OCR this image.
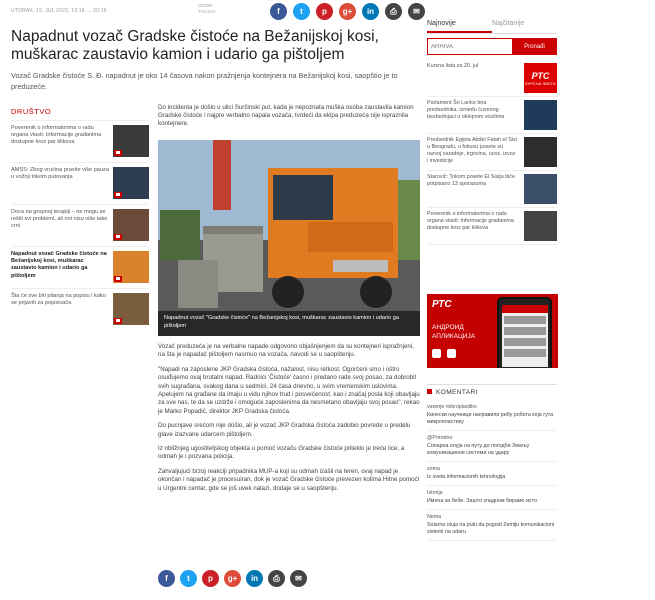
UTORAK, 19. JUL 2022, 19:16 → 20:15
IZVOR:
TANJUG	f	t p g+ in ⎙ ✉
Najnovije	Najčitanije
ARHIVA
Pronađi
Napadnut vozač Gradske čistoće na Bežanijskoj kosi, muškarac zaustavio kamion i udario ga pištoljem
Vozač Gradske čistoće S. Đ. napadnut je oko 14 časova nakon pražnjenja kontejnera na Bežanijskoj kosi, saopštio je to preduzeće.
DRUŠTVO
Poverenik o informatorima o radu organa vlasti: Informacije građanima dostupne kroz par klikova
AMSS: Zbog vrućina pravite više pauza u vožnji tokom putovanja
Doca na grupnoj terapiji – ne mogu se rešiti svi problemi, ali oni nisu više tako crni
Napadnut vozač Gradske čistoće na Bežanijskoj kosi, muškarac zaustavio kamion i udario ga pištoljem
Šta će sve biti pitanja na popisu i kako se prijaviti za popisivača
Do incidenta je došlo u ulici Surčinski put, kada je nepoznata muška osoba zaustavila kamion Gradske čistoće i najpre verbalno napala vozača, tvrdeći da ekipa preduzeća nije ispraznila kontejnere.
Napadnut vozač "Gradske čistoće" na Bežanijskoj kosi, muškarac zaustavio kamion i udario ga pištoljem

Vozač preduzeća je na verbalne napade odgovorio objašnjenjem da su kontejneri ispražnjeni, na šta je napadač pištoljem nasrnuo na vozača, navodi se u saopštenju.

"Napadi na zaposlene JKP Gradska čistoća, nažalost, nisu retkost. Ogorčeni smo i oštro osuđujemo ovaj brutalni napad. Radnici 'Čistoće' časno i predano rade svoj posao, za dobrobit svih sugrađana, svakog dana u sedmici, 24 časa dnevno, u svim vremenskim uslovima. Apelujem na građane da imaju u vidu njihov trud i posvećenost, kao i značaj posla koji obavljaju za sve nas, te da se uzdrže i omoguće zaposlenima da nesmetano obavljaju svoj posao", rekao je Marko Popadić, direktor JKP Gradska čistoća.

Do pucnjave srećom nije došlo, ali je vozač JKP Gradska čistoća zadobio povrede u predelu glave izazvane udarcem pištoljem.

Iz obližnjeg ugostiteljskog objekta u pomoć vozaču Gradske čistoće priteklo je treće lice, a odmah je i pozvana policija.

Zahvaljujući brzoj reakciji pripadnika MUP-a koji su odmah izašli na teren, ovaj napad je okončan i napadač je procesuiran, dok je vozač Gradske čistoće prevezen kolima Hitne pomoći u Urgentni centar, gde se još uvek nalazi, dodaje se u saopštenju.

f t p g+ in ⎙ ✉
Kursna lista za 20. jul
РТС
КУРСНА ЛИСТА
Parlament Šri Lanke bira predsednika, između čuvenog bezbednjaci u oklopnim vozilima
Predsednik Egipta Abdel Fatah el Sisi u Beogradu, u fokusu posete su razvoj saradnje, trgovina, uvoz, izvoz i investicije
Starović: Tokom posete El Sisija biće potpisano 13 sporazuma
Poverenik o informatorima o radu organa vlasti: Informacije građanima dostupne kroz par klikova
РТС
АНДРОИД
АПЛИКАЦИЈА
KOMENTARI
varenje mikroplastiko
Кинески научници направили рибу робота која гута микропластику
@Prirodno
Сопарна олуја на путу до погодби Земљу комуникациони системи на удару
zoma
Iz sveta informacionih tehnologija
Istorija
Имена за бебе. Зашто упадном бирамо исто
Nema
Solarna oluja na putu da pogodi Zemlju komunikacioni sistemi na udaru
